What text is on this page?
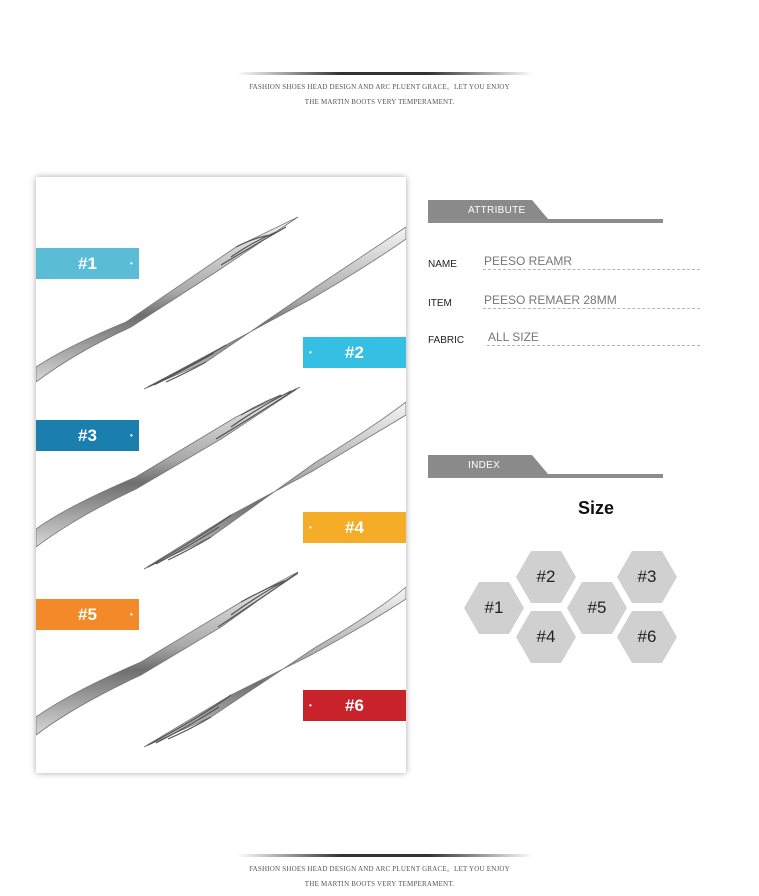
FASHION SHOES HEAD DESIGN AND ARC PLUENT GRACE。LET YOU ENJOY
THE MARTIN BOOTS VERY TEMPERAMENT.
#1	•
• #2
#3	•
• #4
#5	•
• #6
ATTRIBUTE
NAME PEESO REAMR
ITEM	PEESO REMAER 28MM
FABRIC ALL SIZE
INDEX
Size
#1
#2	#3
#4
#5
#6
FASHION SHOES HEAD DESIGN AND ARC PLUENT GRACE。LET YOU ENJOY
THE MARTIN BOOTS VERY TEMPERAMENT.
